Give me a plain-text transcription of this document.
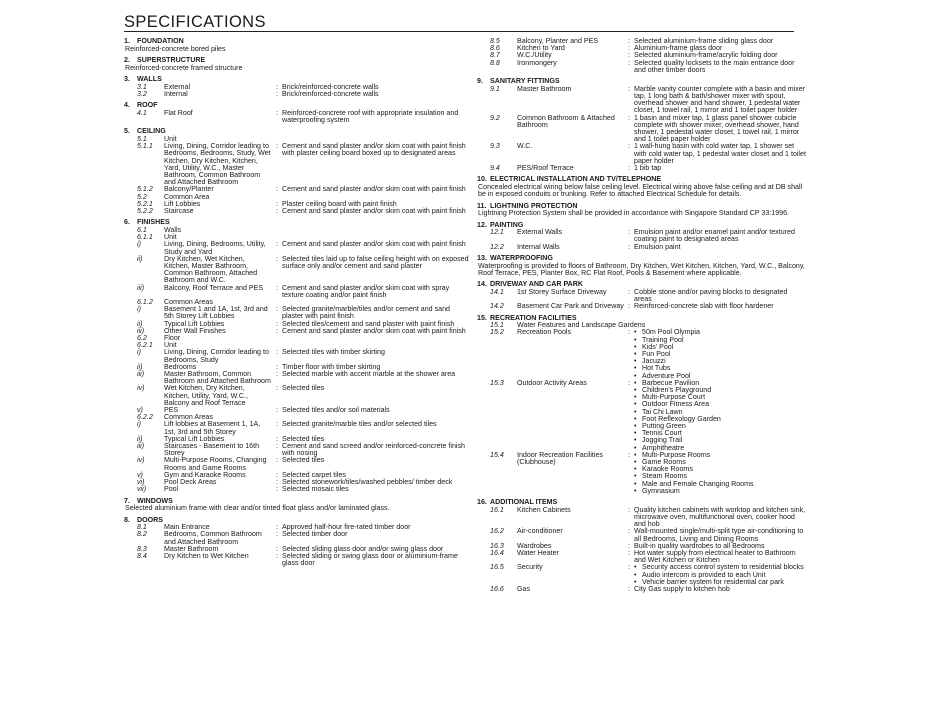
SPECIFICATIONS
1. FOUNDATION
Reinforced-concrete bored piles
2. SUPERSTRUCTURE
Reinforced-concrete framed structure
3. WALLS
3.1	External	: Brick/reinforced-concrete walls
3.2	Internal	: Brick/reinforced-concrete walls
4. ROOF
4.1	Flat Roof	: Reinforced-concrete roof with appropriate insulation and waterproofing system
5. CEILING
5.1	Unit
5.1.1	Living, Dining, Corridor leading to Bedrooms, Bedrooms, Study, Wet Kitchen, Dry Kitchen, Kitchen, Yard, Utility, W.C., Master Bathroom, Common Bathroom and Attached Bathroom
: Cement and sand plaster and/or skim coat with paint finish with plaster ceiling board boxed up to designated areas
5.1.2	Balcony/Planter	: Cement and sand plaster and/or skim coat with paint finish
5.2	Common Area
5.2.1	Lift Lobbies	: Plaster ceiling board with paint finish
5.2.2	Staircase	: Cement and sand plaster and/or skim coat with paint finish
6. FINISHES
6.1	Walls
6.1.1	Unit
i)	Living, Dining, Bedrooms, Utility, Study and Yard
: Cement and sand plaster and/or skim coat with paint finish
ii)	Dry Kitchen, Wet Kitchen, Kitchen, Master Bathroom, Common Bathroom, Attached Bathroom and W.C.
: Selected tiles laid up to false ceiling height with on exposed surface only and/or cement and sand plaster
iii)	Balcony, Roof Terrace and PES	: Cement and sand plaster and/or skim coat with spray texture coating and/or paint finish
6.1.2	Common Areas
i)	Basement 1 and 1A, 1st, 3rd and 5th Storey Lift Lobbies
: Selected granite/marble/tiles and/or cement and sand plaster with paint finish
ii)	Typical Lift Lobbies	: Selected tiles/cement and sand plaster with paint finish
iii)	Other Wall Finishes	: Cement and sand plaster and/or skim coat with paint finish
6.2	Floor
6.2.1	Unit
i)	Living, Dining, Corridor leading to Bedrooms, Study
: Selected tiles with timber skirting
ii)	Bedrooms	: Timber floor with timber skirting
iii)	Master Bathroom, Common Bathroom and Attached Bathroom
: Selected marble with accent marble at the shower area
iv)	Wet Kitchen, Dry Kitchen, Kitchen, Utility, Yard, W.C., Balcony and Roof Terrace
: Selected tiles
v)	PES	: Selected tiles and/or soil materials
6.2.2	Common Areas
i)	Lift lobbies at Basement 1, 1A, 1st, 3rd and 5th Storey
: Selected granite/marble tiles and/or selected tiles
ii)	Typical Lift Lobbies	: Selected tiles
iii)	Staircases - Basement to 16th Storey
: Cement and sand screed and/or reinforced-concrete finish with nosing
iv)	Multi-Purpose Rooms, Changing Rooms and Game Rooms
: Selected tiles
v)	Gym and Karaoke Rooms	: Selected carpet tiles
vi)	Pool Deck Areas	: Selected stonework/tiles/washed pebbles/ timber deck
vii)	Pool	: Selected mosaic tiles
7. WINDOWS
Selected aluminium frame with clear and/or tinted float glass and/or laminated glass.
8. DOORS
8.1	Main Entrance	: Approved half-hour fire-rated timber door
8.2	Bedrooms, Common Bathroom and Attached Bathroom
: Selected timber door
8.3	Master Bathroom	: Selected sliding glass door and/or swing glass door
8.4	Dry Kitchen to Wet Kitchen	: Selected sliding or swing glass door or aluminium-frame glass door
8.5	Balcony, Planter and PES	: Selected aluminium-frame sliding glass door
8.6	Kitchen to Yard	: Aluminium-frame glass door
8.7	W.C./Utility	: Selected aluminium-frame/acrylic folding door
8.8	Ironmongery	: Selected quality locksets to the main entrance door and other timber doors
9. SANITARY FITTINGS
9.1	Master Bathroom	: Marble vanity counter complete with a basin and mixer tap, 1 long bath & bath/shower mixer with spout, overhead shower and hand shower, 1 pedestal water closet, 1 towel rail, 1 mirror and 1 toilet paper holder
9.2	Common Bathroom & Attached Bathroom
: 1 basin and mixer tap, 1 glass panel shower cubicle complete with shower mixer, overhead shower, hand shower, 1 pedestal water closet, 1 towel rail, 1 mirror and 1 toilet paper holder
9.3	W.C.	: 1 wall-hung basin with cold water tap, 1 shower set with cold water tap, 1 pedestal water closet and 1 toilet paper holder
9.4	PES/Roof Terrace	: 1 bib tap
10. ELECTRICAL INSTALLATION AND TV/TELEPHONE
Concealed electrical wiring below false ceiling level. Electrical wiring above false ceiling and at DB shall be in exposed conduits or trunking. Refer to attached Electrical Schedule for details.
11. LIGHTNING PROTECTION
Lightning Protection System shall be provided in accordance with Singapore Standard CP 33:1996.
12. PAINTING
12.1	External Walls	: Emulsion paint and/or enamel paint and/or textured coating paint to designated areas
12.2	Internal Walls	: Emulsion paint
13. WATERPROOFING
Waterproofing is provided to floors of Bathroom, Dry Kitchen, Wet Kitchen, Kitchen, Yard, W.C., Balcony, Roof Terrace, PES, Planter Box, RC Flat Roof, Pools & Basement where applicable.
14. DRIVEWAY AND CAR PARK
14.1	1st Storey Surface Driveway	: Cobble stone and/or paving blocks to designated areas
14.2	Basement Car Park and Driveway : Reinforced-concrete slab with floor hardener
15. RECREATION FACILITIES
15.1	Water Features and Landscape Gardens
15.2	Recreation Pools	: • 50m Pool Olympia
• Training Pool
• Kids' Pool
• Fun Pool
• Jacuzzi
• Hot Tubs
• Adventure Pool
15.3	Outdoor Activity Areas	: • Barbecue Pavilion
• Children's Playground
• Multi-Purpose Court
• Outdoor Fitness Area
• Tai Chi Lawn
• Foot Reflexology Garden
• Putting Green
• Tennis Court
• Jogging Trail
• Amphitheatre
15.4	Indoor Recreation Facilities (Clubhouse)
: • Multi-Purpose Rooms
• Game Rooms
• Karaoke Rooms
• Steam Rooms
• Male and Female Changing Rooms
• Gymnasium
16. ADDITIONAL ITEMS
16.1	Kitchen Cabinets	: Quality kitchen cabinets with worktop and kitchen sink, microwave oven, multifunctional oven, cooker hood and hob
16.2	Air-conditioner	: Wall-mounted single/multi-split type air-conditioning to all Bedrooms, Living and Dining Rooms
16.3	Wardrobes	: Built-in quality wardrobes to all Bedrooms
16.4	Water Heater	: Hot water supply from electrical heater to Bathroom and Wet Kitchen or Kitchen
16.5	Security	: • Security access control system to residential blocks
• Audio intercom is provided to each Unit
• Vehicle barrier system for residential car park
16.6	Gas	: City Gas supply to kitchen hob
